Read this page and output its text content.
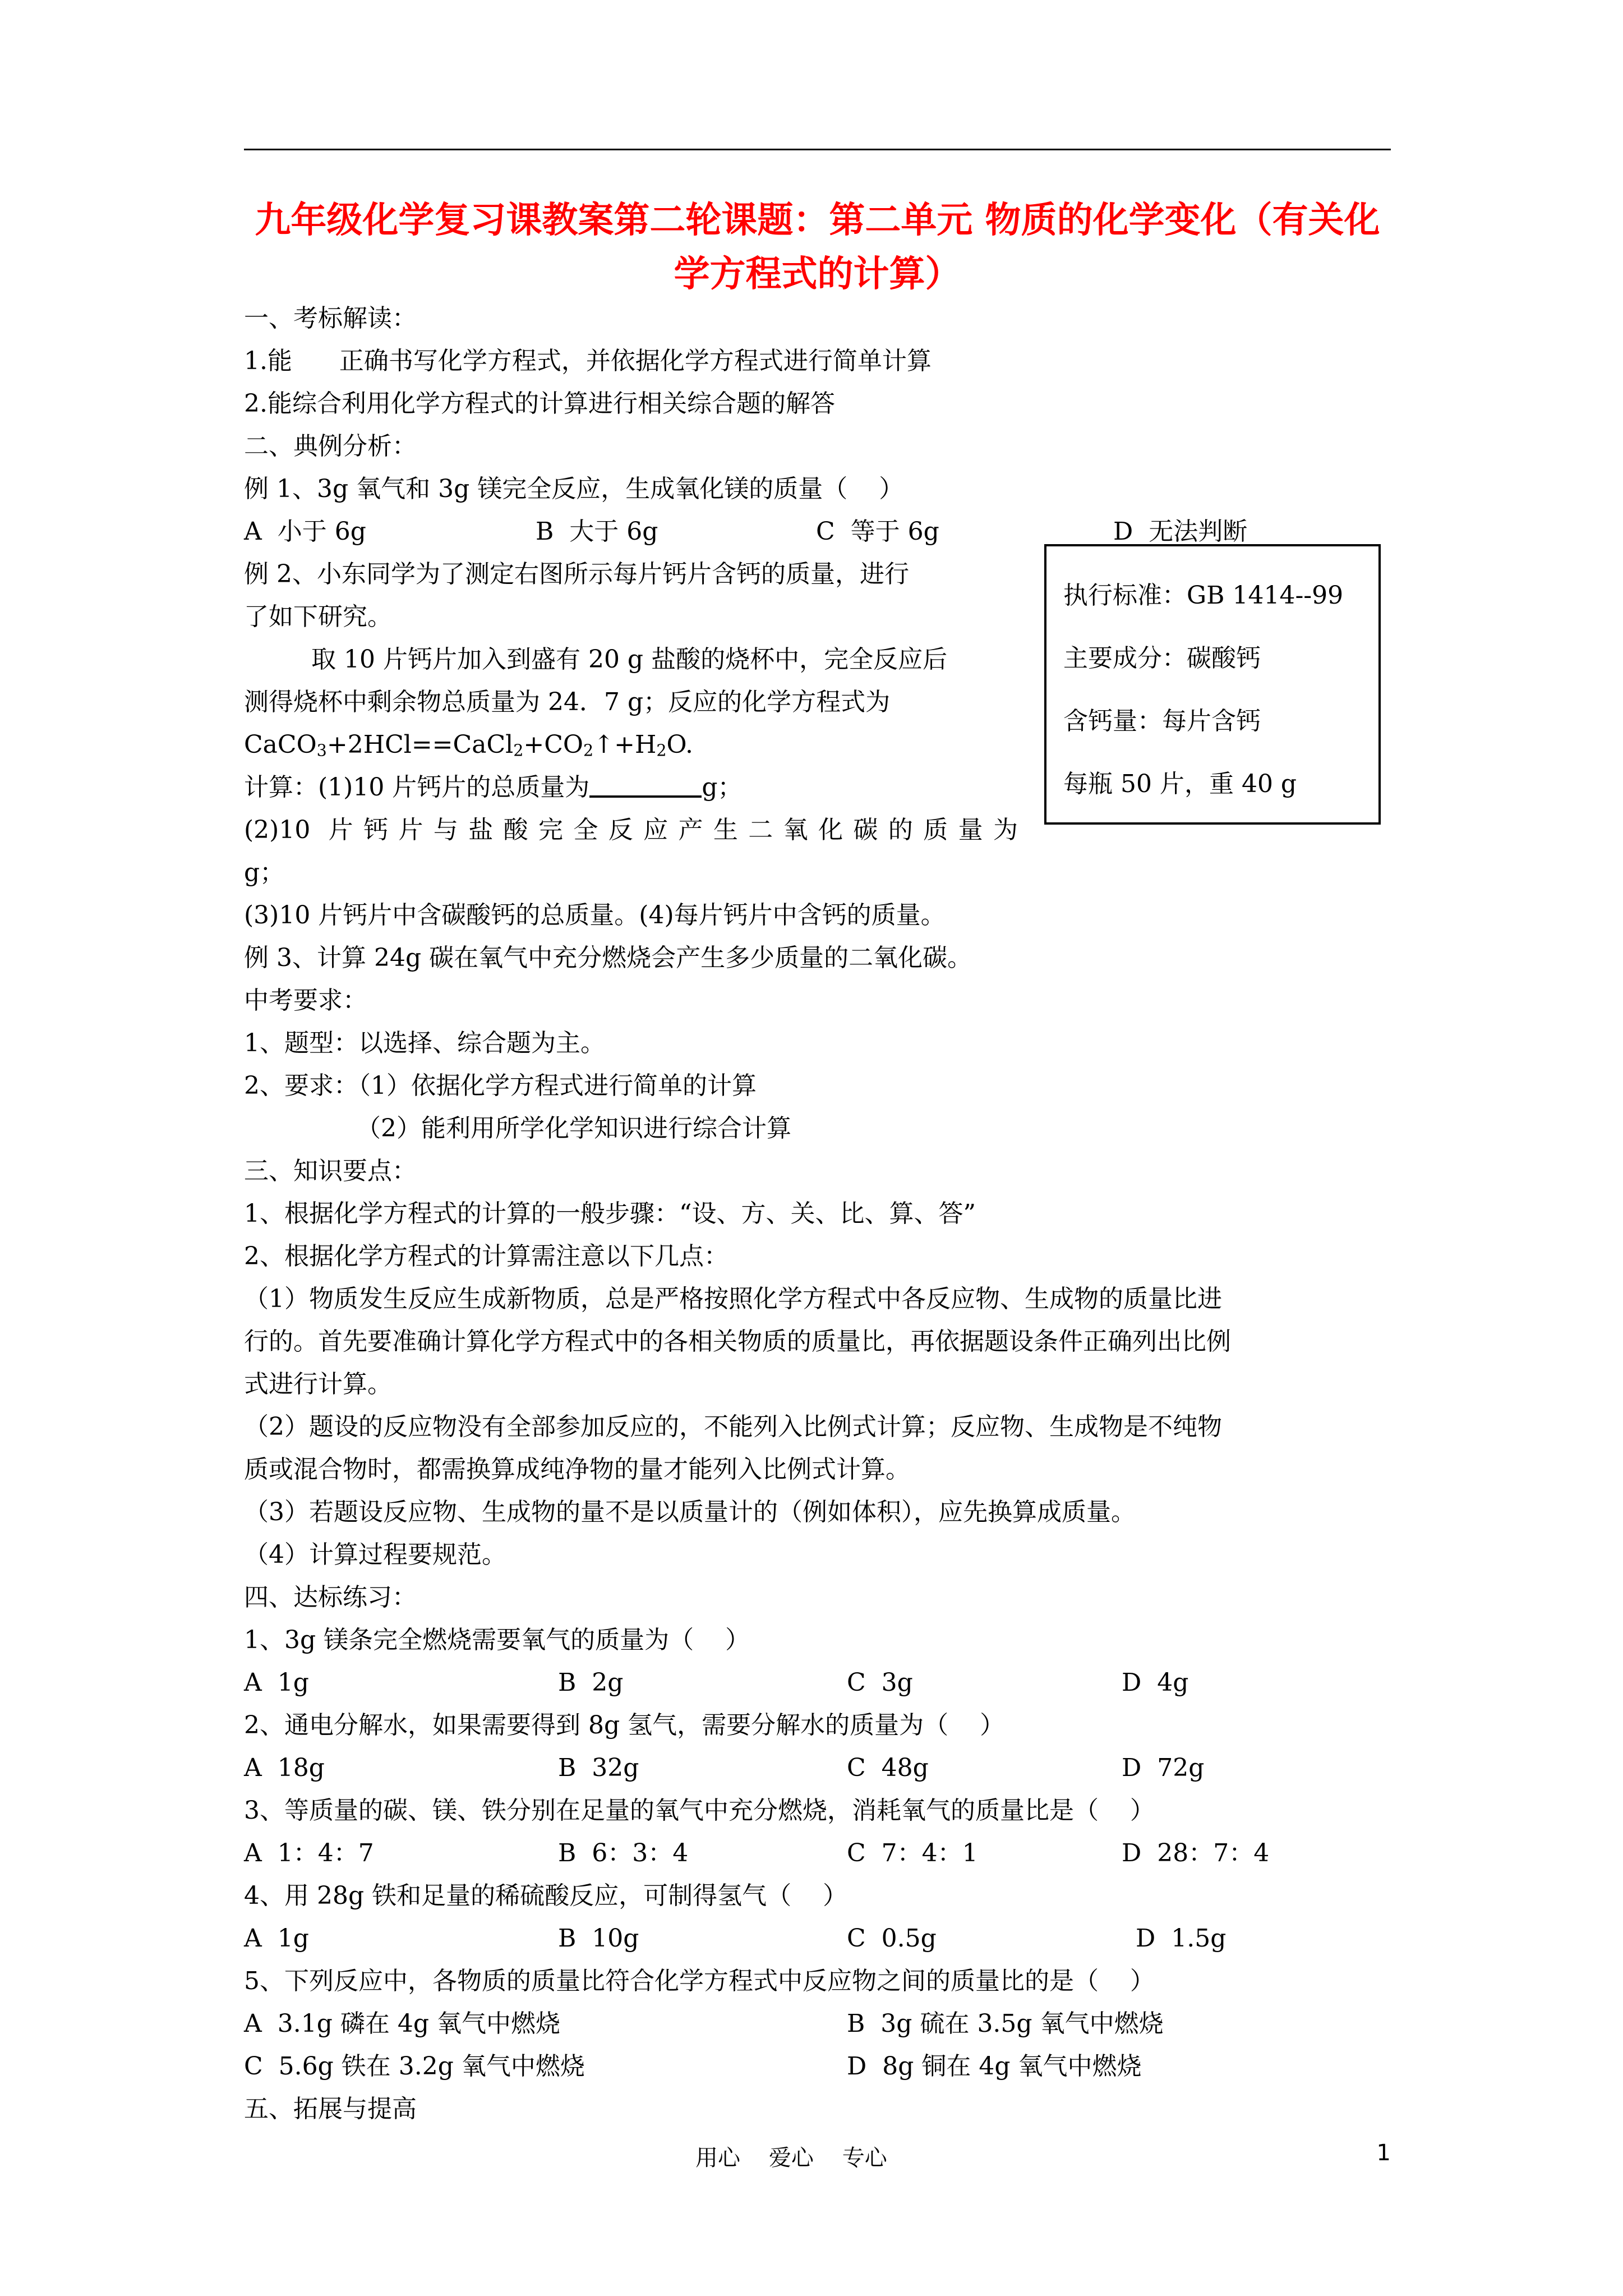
九年级化学复习课教案第二轮课题：第二单元 物质的化学变化（有关化学方程式的计算）
一、考标解读：
1.能      正确书写化学方程式，并依据化学方程式进行简单计算
2.能综合利用化学方程式的计算进行相关综合题的解答
二、典例分析：
例 1、3g 氧气和 3g 镁完全反应，生成氧化镁的质量（    ）
A  小于 6g	B  大于 6g	C  等于 6g	D  无法判断
例 2、小东同学为了测定右图所示每片钙片含钙的质量，进行
了如下研究。
取 10 片钙片加入到盛有 20 g 盐酸的烧杯中，完全反应后
测得烧杯中剩余物总质量为 24．7 g；反应的化学方程式为
$CaCO_3+2HCl==CaCl_2+CO_2↑+H_2O$.
计算：(1)10 片钙片的总质量为	g；
(2)10 片钙片与盐酸完全反应产生二氧化碳的质量为
g；
(3)10 片钙片中含碳酸钙的总质量。(4)每片钙片中含钙的质量。
例 3、计算 24g 碳在氧气中充分燃烧会产生多少质量的二氧化碳。
中考要求：
1、题型：以选择、综合题为主。
2、要求：（1）依据化学方程式进行简单的计算
（2）能利用所学化学知识进行综合计算
三、知识要点：
1、根据化学方程式的计算的一般步骤：“设、方、关、比、算、答”
2、根据化学方程式的计算需注意以下几点：
（1）物质发生反应生成新物质，总是严格按照化学方程式中各反应物、生成物的质量比进
行的。首先要准确计算化学方程式中的各相关物质的质量比，再依据题设条件正确列出比例
式进行计算。
（2）题设的反应物没有全部参加反应的，不能列入比例式计算；反应物、生成物是不纯物
质或混合物时，都需换算成纯净物的量才能列入比例式计算。
（3）若题设反应物、生成物的量不是以质量计的（例如体积），应先换算成质量。
（4）计算过程要规范。
四、达标练习：
1、3g 镁条完全燃烧需要氧气的质量为（    ）
A  1g	B  2g	C  3g	D  4g
2、通电分解水，如果需要得到 8g 氢气，需要分解水的质量为（    ）
A  18g	B  32g	C  48g	D  72g
3、等质量的碳、镁、铁分别在足量的氧气中充分燃烧，消耗氧气的质量比是（    ）
A  1：4：7	B  6：3：4	C  7：4：1	D  28：7：4
4、用 28g 铁和足量的稀硫酸反应，可制得氢气（    ）
A  1g	B  10g	C  0.5g	D  1.5g
5、下列反应中，各物质的质量比符合化学方程式中反应物之间的质量比的是（    ）
A  3.1g 磷在 4g 氧气中燃烧	B  3g 硫在 3.5g 氧气中燃烧
C  5.6g 铁在 3.2g 氧气中燃烧	D  8g 铜在 4g 氧气中燃烧
五、拓展与提高
执行标准：GB 1414--99
主要成分：碳酸钙
含钙量：每片含钙
每瓶 50 片，重 40 g
用心    爱心    专心	1
